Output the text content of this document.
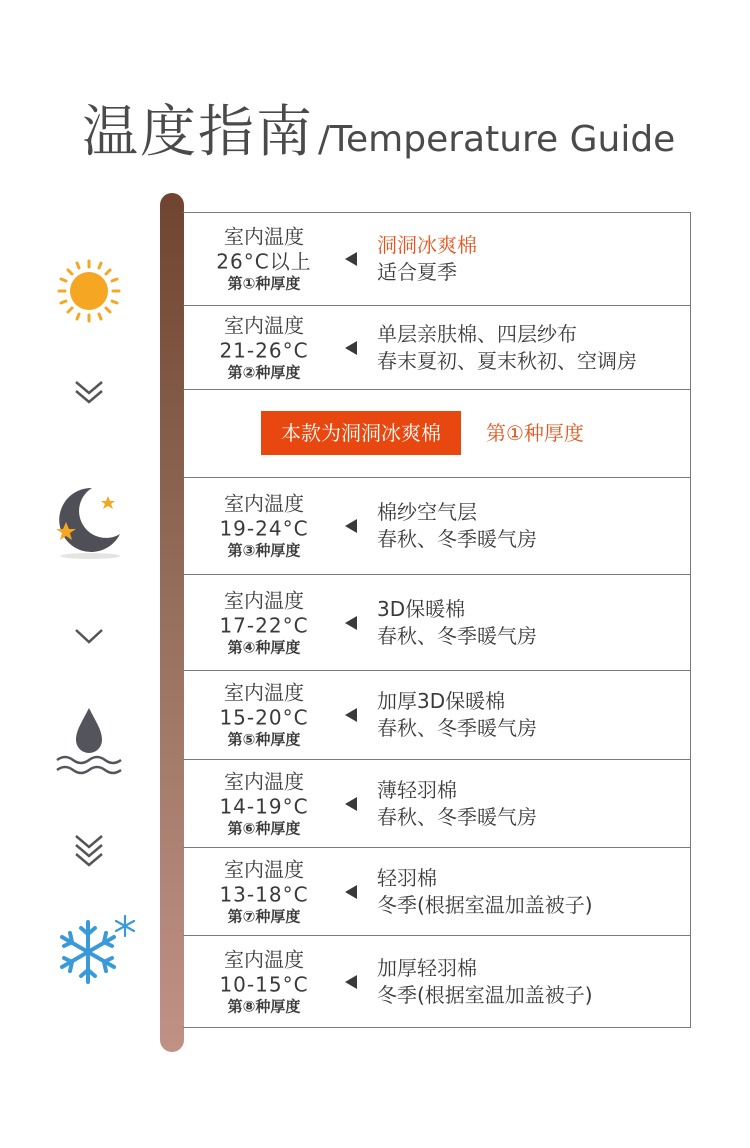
温度指南 /Temperature Guide
室内温度
26°C以上
第①种厚度
洞洞冰爽棉
适合夏季
室内温度
21-26°C
第②种厚度
单层亲肤棉、四层纱布
春末夏初、夏末秋初、空调房
本款为洞洞冰爽棉	第①种厚度
室内温度
19-24°C
第③种厚度
棉纱空气层
春秋、冬季暖气房
室内温度
17-22°C
第④种厚度
3D保暖棉
春秋、冬季暖气房
室内温度
15-20°C
第⑤种厚度
加厚3D保暖棉
春秋、冬季暖气房
室内温度
14-19°C
第⑥种厚度
薄轻羽棉
春秋、冬季暖气房
室内温度
13-18°C
第⑦种厚度
轻羽棉
冬季(根据室温加盖被子)
室内温度
10-15°C
第⑧种厚度
加厚轻羽棉
冬季(根据室温加盖被子)
